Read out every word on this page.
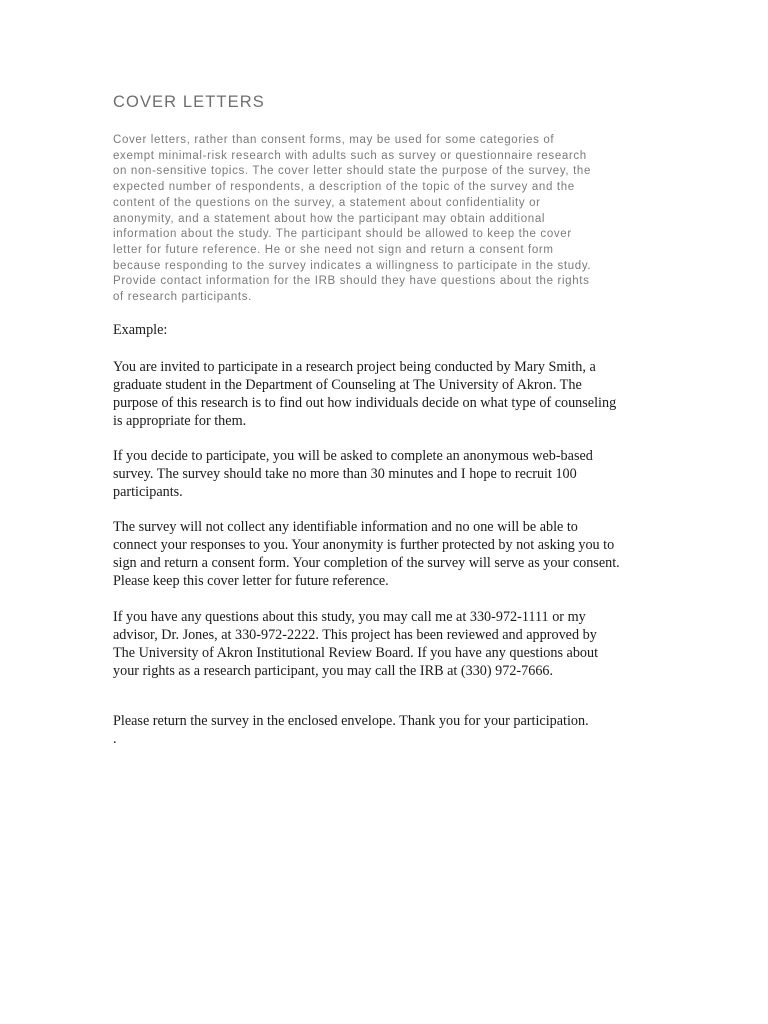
COVER LETTERS
Cover letters, rather than consent forms, may be used for some categories of
exempt minimal-risk research with adults such as survey or questionnaire research
on non-sensitive topics. The cover letter should state the purpose of the survey, the
expected number of respondents, a description of the topic of the survey and the
content of the questions on the survey, a statement about confidentiality or
anonymity, and a statement about how the participant may obtain additional
information about the study. The participant should be allowed to keep the cover
letter for future reference. He or she need not sign and return a consent form
because responding to the survey indicates a willingness to participate in the study.
Provide contact information for the IRB should they have questions about the rights
of research participants.
Example:
You are invited to participate in a research project being conducted by Mary Smith, a
graduate student in the Department of Counseling at The University of Akron. The
purpose of this research is to find out how individuals decide on what type of counseling
is appropriate for them.
If you decide to participate, you will be asked to complete an anonymous web-based
survey. The survey should take no more than 30 minutes and I hope to recruit 100
participants.
The survey will not collect any identifiable information and no one will be able to
connect your responses to you. Your anonymity is further protected by not asking you to
sign and return a consent form. Your completion of the survey will serve as your consent.
Please keep this cover letter for future reference.
If you have any questions about this study, you may call me at 330-972-1111 or my
advisor, Dr. Jones, at 330-972-2222. This project has been reviewed and approved by
The University of Akron Institutional Review Board. If you have any questions about
your rights as a research participant, you may call the IRB at (330) 972-7666.
Please return the survey in the enclosed envelope. Thank you for your participation.
.
